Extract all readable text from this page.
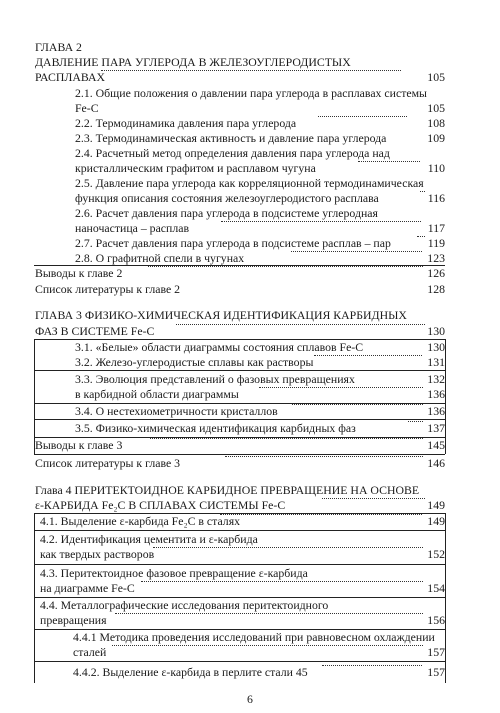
ГЛАВА 2
ДАВЛЕНИЕ ПАРА УГЛЕРОДА В ЖЕЛЕЗОУГЛЕРОДИСТЫХ
РАСПЛАВАХ	105
2.1. Общие положения о давлении пара углерода в расплавах системы
Fe-C	105
2.2. Термодинамика давления пара углерода	108
2.3. Термодинамическая активность и давление пара углерода	109
2.4. Расчетный метод определения давления пара углерода над
кристаллическим графитом и расплавом чугуна	110
2.5. Давление пара углерода как корреляционной термодинамическая
функция описания состояния железоуглеродистого расплава	116
2.6. Расчет давления пара углерода в подсистеме углеродная
наночастица – расплав	117
2.7. Расчет давления пара углерода в подсистеме расплав – пар	119
2.8. О графитной спели в чугунах	123
Выводы к главе 2	126
Список литературы к главе 2	128
ГЛАВА 3 ФИЗИКО-ХИМИЧЕСКАЯ ИДЕНТИФИКАЦИЯ КАРБИДНЫХ
ФАЗ В СИСТЕМЕ Fe-C	130
3.1. «Белые» области диаграммы состояния сплавов Fe-C	130
3.2. Железо-углеродистые сплавы как растворы	131
3.3. Эволюция представлений о фазовых превращениях	132
в карбидной области диаграммы	136
3.4. О нестехиометричности кристаллов	136
3.5. Физико-химическая идентификация карбидных фаз	137
Выводы к главе 3	145
Список литературы к главе 3	146
Глава 4 ПЕРИТЕКТОИДНОЕ КАРБИДНОЕ ПРЕВРАЩЕНИЕ НА ОСНОВЕ
ε-КАРБИДА Fe₂C В СПЛАВАХ СИСТЕМЫ Fe-C	149
4.1. Выделение ε-карбида Fe₂C в сталях	149
4.2. Идентификация цементита и ε-карбида
как твердых растворов	152
4.3. Перитектоидное фазовое превращение ε-карбида
на диаграмме Fe-C	154
4.4. Металлографические исследования перитектоидного
превращения	156
4.4.1 Методика проведения исследований при равновесном охлаждении
сталей	157
4.4.2. Выделение ε-карбида в перлите стали 45	157
6
